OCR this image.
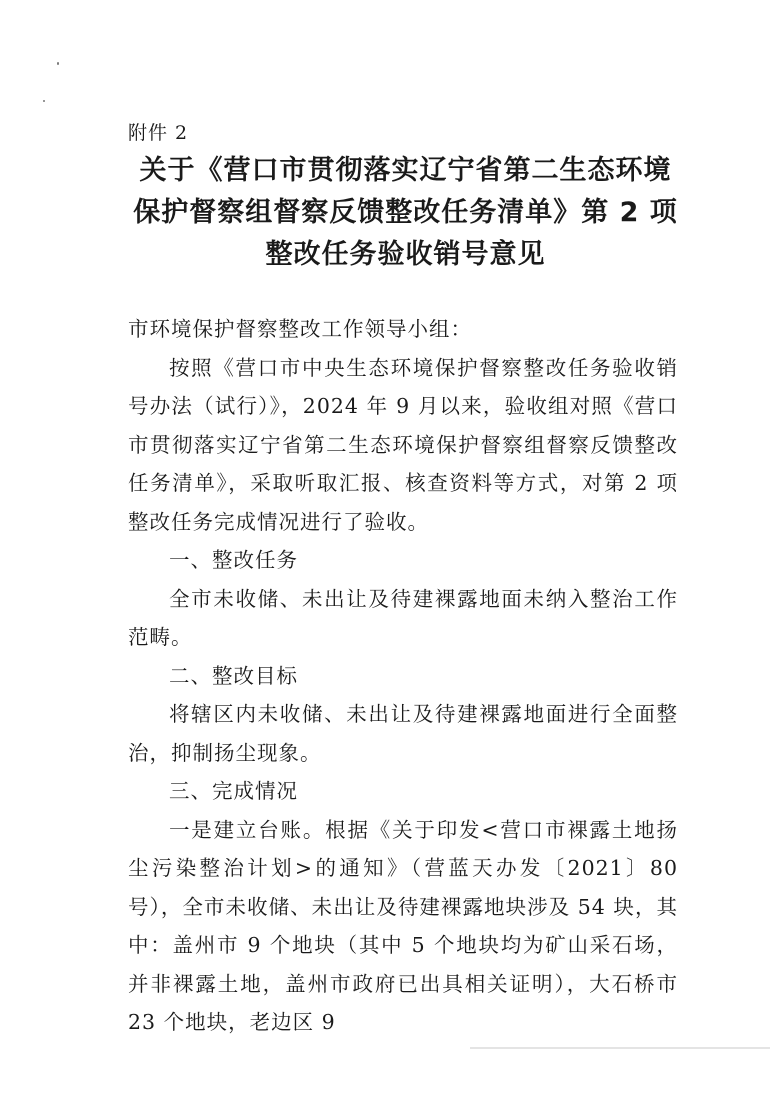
附件 2
关于《营口市贯彻落实辽宁省第二生态环境
保护督察组督察反馈整改任务清单》第 2 项
整改任务验收销号意见

市环境保护督察整改工作领导小组：

按照《营口市中央生态环境保护督察整改任务验收销号办法（试行）》，2024 年 9 月以来，验收组对照《营口市贯彻落实辽宁省第二生态环境保护督察组督察反馈整改任务清单》，采取听取汇报、核查资料等方式，对第 2 项整改任务完成情况进行了验收。

一、整改任务

全市未收储、未出让及待建裸露地面未纳入整治工作范畴。

二、整改目标

将辖区内未收储、未出让及待建裸露地面进行全面整治，抑制扬尘现象。

三、完成情况

一是建立台账。根据《关于印发<营口市裸露土地扬尘污染整治计划>的通知》（营蓝天办发〔2021〕80 号），全市未收储、未出让及待建裸露地块涉及 54 块，其中：盖州市 9 个地块（其中 5 个地块均为矿山采石场，并非裸露土地，盖州市政府已出具相关证明），大石桥市 23 个地块，老边区 9
